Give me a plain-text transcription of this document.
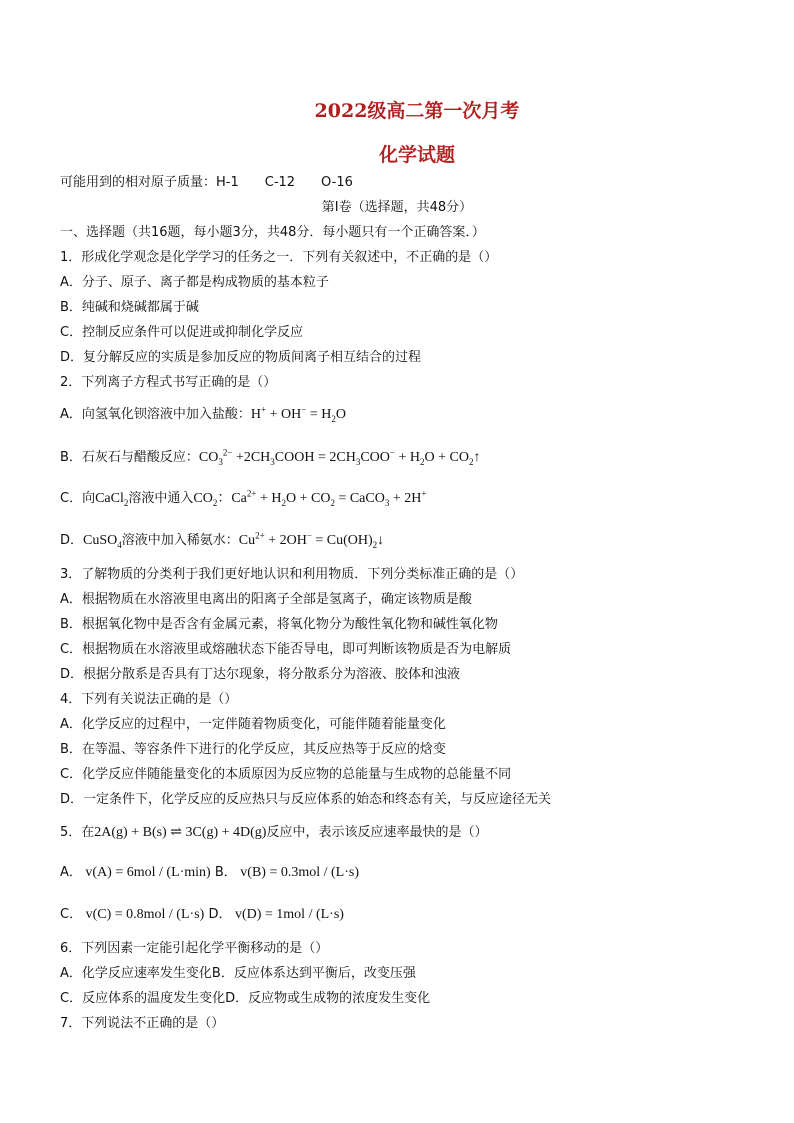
2022级高二第一次月考
化学试题
可能用到的相对原子质量：H-1　　C-12　　O-16
第Ⅰ卷（选择题，共48分）
一、选择题（共16题，每小题3分，共48分．每小题只有一个正确答案．）
1．形成化学观念是化学学习的任务之一．下列有关叙述中，不正确的是（）
A．分子、原子、离子都是构成物质的基本粒子
B．纯碱和烧碱都属于碱
C．控制反应条件可以促进或抑制化学反应
D．复分解反应的实质是参加反应的物质间离子相互结合的过程
2．下列离子方程式书写正确的是（）
A．向氢氧化钡溶液中加入盐酸：$H^+ + OH^- = H_2O$
B．石灰石与醋酸反应：$CO_3^{2-}$ $+2CH_3COOH = 2CH_3COO^- + H_2O$ + $CO_2↑$
C．向CaCl$_2$溶液中通入$CO_2$：$Ca^{2+} + H_2O + CO_2$ = CaCO$_3$ + 2H+
D．CuSO$_4$溶液中加入稀氨水：$Cu^{2+} + 2OH^-$ = $Cu(OH)_2↓$
3．了解物质的分类利于我们更好地认识和利用物质．下列分类标准正确的是（）
A．根据物质在水溶液里电离出的阳离子全部是氢离子，确定该物质是酸
B．根据氧化物中是否含有金属元素，将氧化物分为酸性氧化物和碱性氧化物
C．根据物质在水溶液里或熔融状态下能否导电，即可判断该物质是否为电解质
D．根据分散系是否具有丁达尔现象，将分散系分为溶液、胶体和浊液
4．下列有关说法正确的是（）
A．化学反应的过程中，一定伴随着物质变化，可能伴随着能量变化
B．在等温、等容条件下进行的化学反应，其反应热等于反应的焓变
C．化学反应伴随能量变化的本质原因为反应物的总能量与生成物的总能量不同
D．一定条件下，化学反应的反应热只与反应体系的始态和终态有关，与反应途径无关
5．在2A(g) + B(s) ⇌ 3C(g) + 4D(g)反应中，表示该反应速率最快的是（）
A． v(A) = 6mol / (L·min) B． v(B) = 0.3mol / (L·s)
C． v(C) = 0.8mol / (L·s) D． v(D) = 1mol / (L·s)
6．下列因素一定能引起化学平衡移动的是（）
A．化学反应速率发生变化B．反应体系达到平衡后，改变压强
C．反应体系的温度发生变化D．反应物或生成物的浓度发生变化
7．下列说法不正确的是（）
